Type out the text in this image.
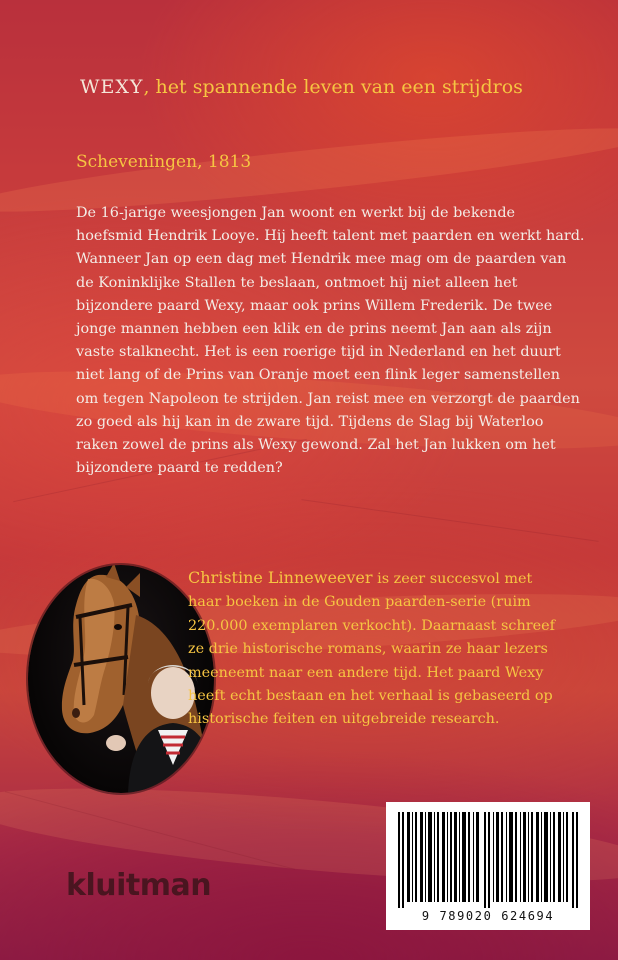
WEXY, het spannende leven van een strijdros
Scheveningen, 1813

De 16-jarige weesjongen Jan woont en werkt bij de bekende hoefsmid Hendrik Looye. Hij heeft talent met paarden en werkt hard. Wanneer Jan op een dag met Hendrik mee mag om de paarden van de Koninklijke Stallen te beslaan, ontmoet hij niet alleen het bijzondere paard Wexy, maar ook prins Willem Frederik. De twee jonge mannen hebben een klik en de prins neemt Jan aan als zijn vaste stalknecht. Het is een roerige tijd in Nederland en het duurt niet lang of de Prins van Oranje moet een flink leger samenstellen om tegen Napoleon te strijden. Jan reist mee en verzorgt de paarden zo goed als hij kan in de zware tijd. Tijdens de Slag bij Waterloo raken zowel de prins als Wexy gewond. Zal het Jan lukken om het bijzondere paard te redden?

Christine Linneweever is zeer succesvol met haar boeken in de Gouden paarden-serie (ruim 220.000 exemplaren verkocht). Daarnaast schreef ze drie historische romans, waarin ze haar lezers meeneemt naar een andere tijd. Het paard Wexy heeft echt bestaan en het verhaal is gebaseerd op historische feiten en uitgebreide research.

9 789020 624694
kluitman
